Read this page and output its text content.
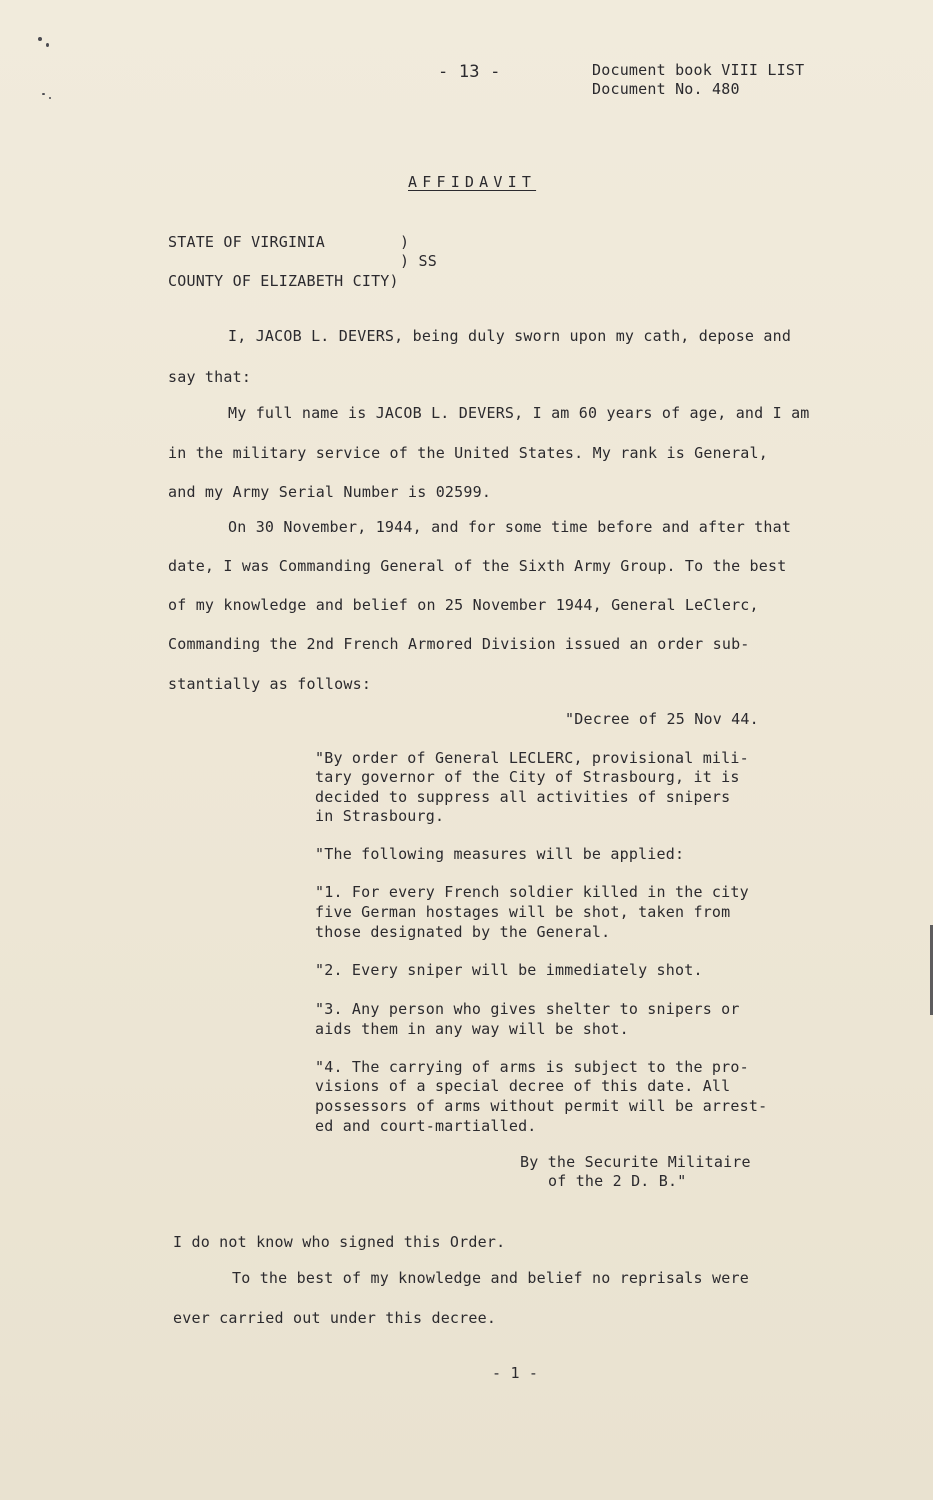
- 13 -	Document book VIII LIST
Document No. 480
AFFIDAVIT
STATE OF VIRGINIA	)
) SS
COUNTY OF ELIZABETH CITY)
I, JACOB L. DEVERS, being duly sworn upon my cath, depose and
say that:
My full name is JACOB L. DEVERS, I am 60 years of age, and I am
in the military service of the United States. My rank is General,
and my Army Serial Number is 02599.
On 30 November, 1944, and for some time before and after that
date, I was Commanding General of the Sixth Army Group. To the best
of my knowledge and belief on 25 November 1944, General LeClerc,
Commanding the 2nd French Armored Division issued an order sub-
stantially as follows:
"Decree of 25 Nov 44.
"By order of General LECLERC, provisional mili-
tary governor of the City of Strasbourg, it is
decided to suppress all activities of snipers
in Strasbourg.
"The following measures will be applied:
"1. For every French soldier killed in the city
five German hostages will be shot, taken from
those designated by the General.
"2. Every sniper will be immediately shot.
"3. Any person who gives shelter to snipers or
aids them in any way will be shot.
"4. The carrying of arms is subject to the pro-
visions of a special decree of this date. All
possessors of arms without permit will be arrest-
ed and court-martialled.
By the Securite Militaire
of the 2 D. B."
I do not know who signed this Order.
To the best of my knowledge and belief no reprisals were
ever carried out under this decree.
- 1 -
